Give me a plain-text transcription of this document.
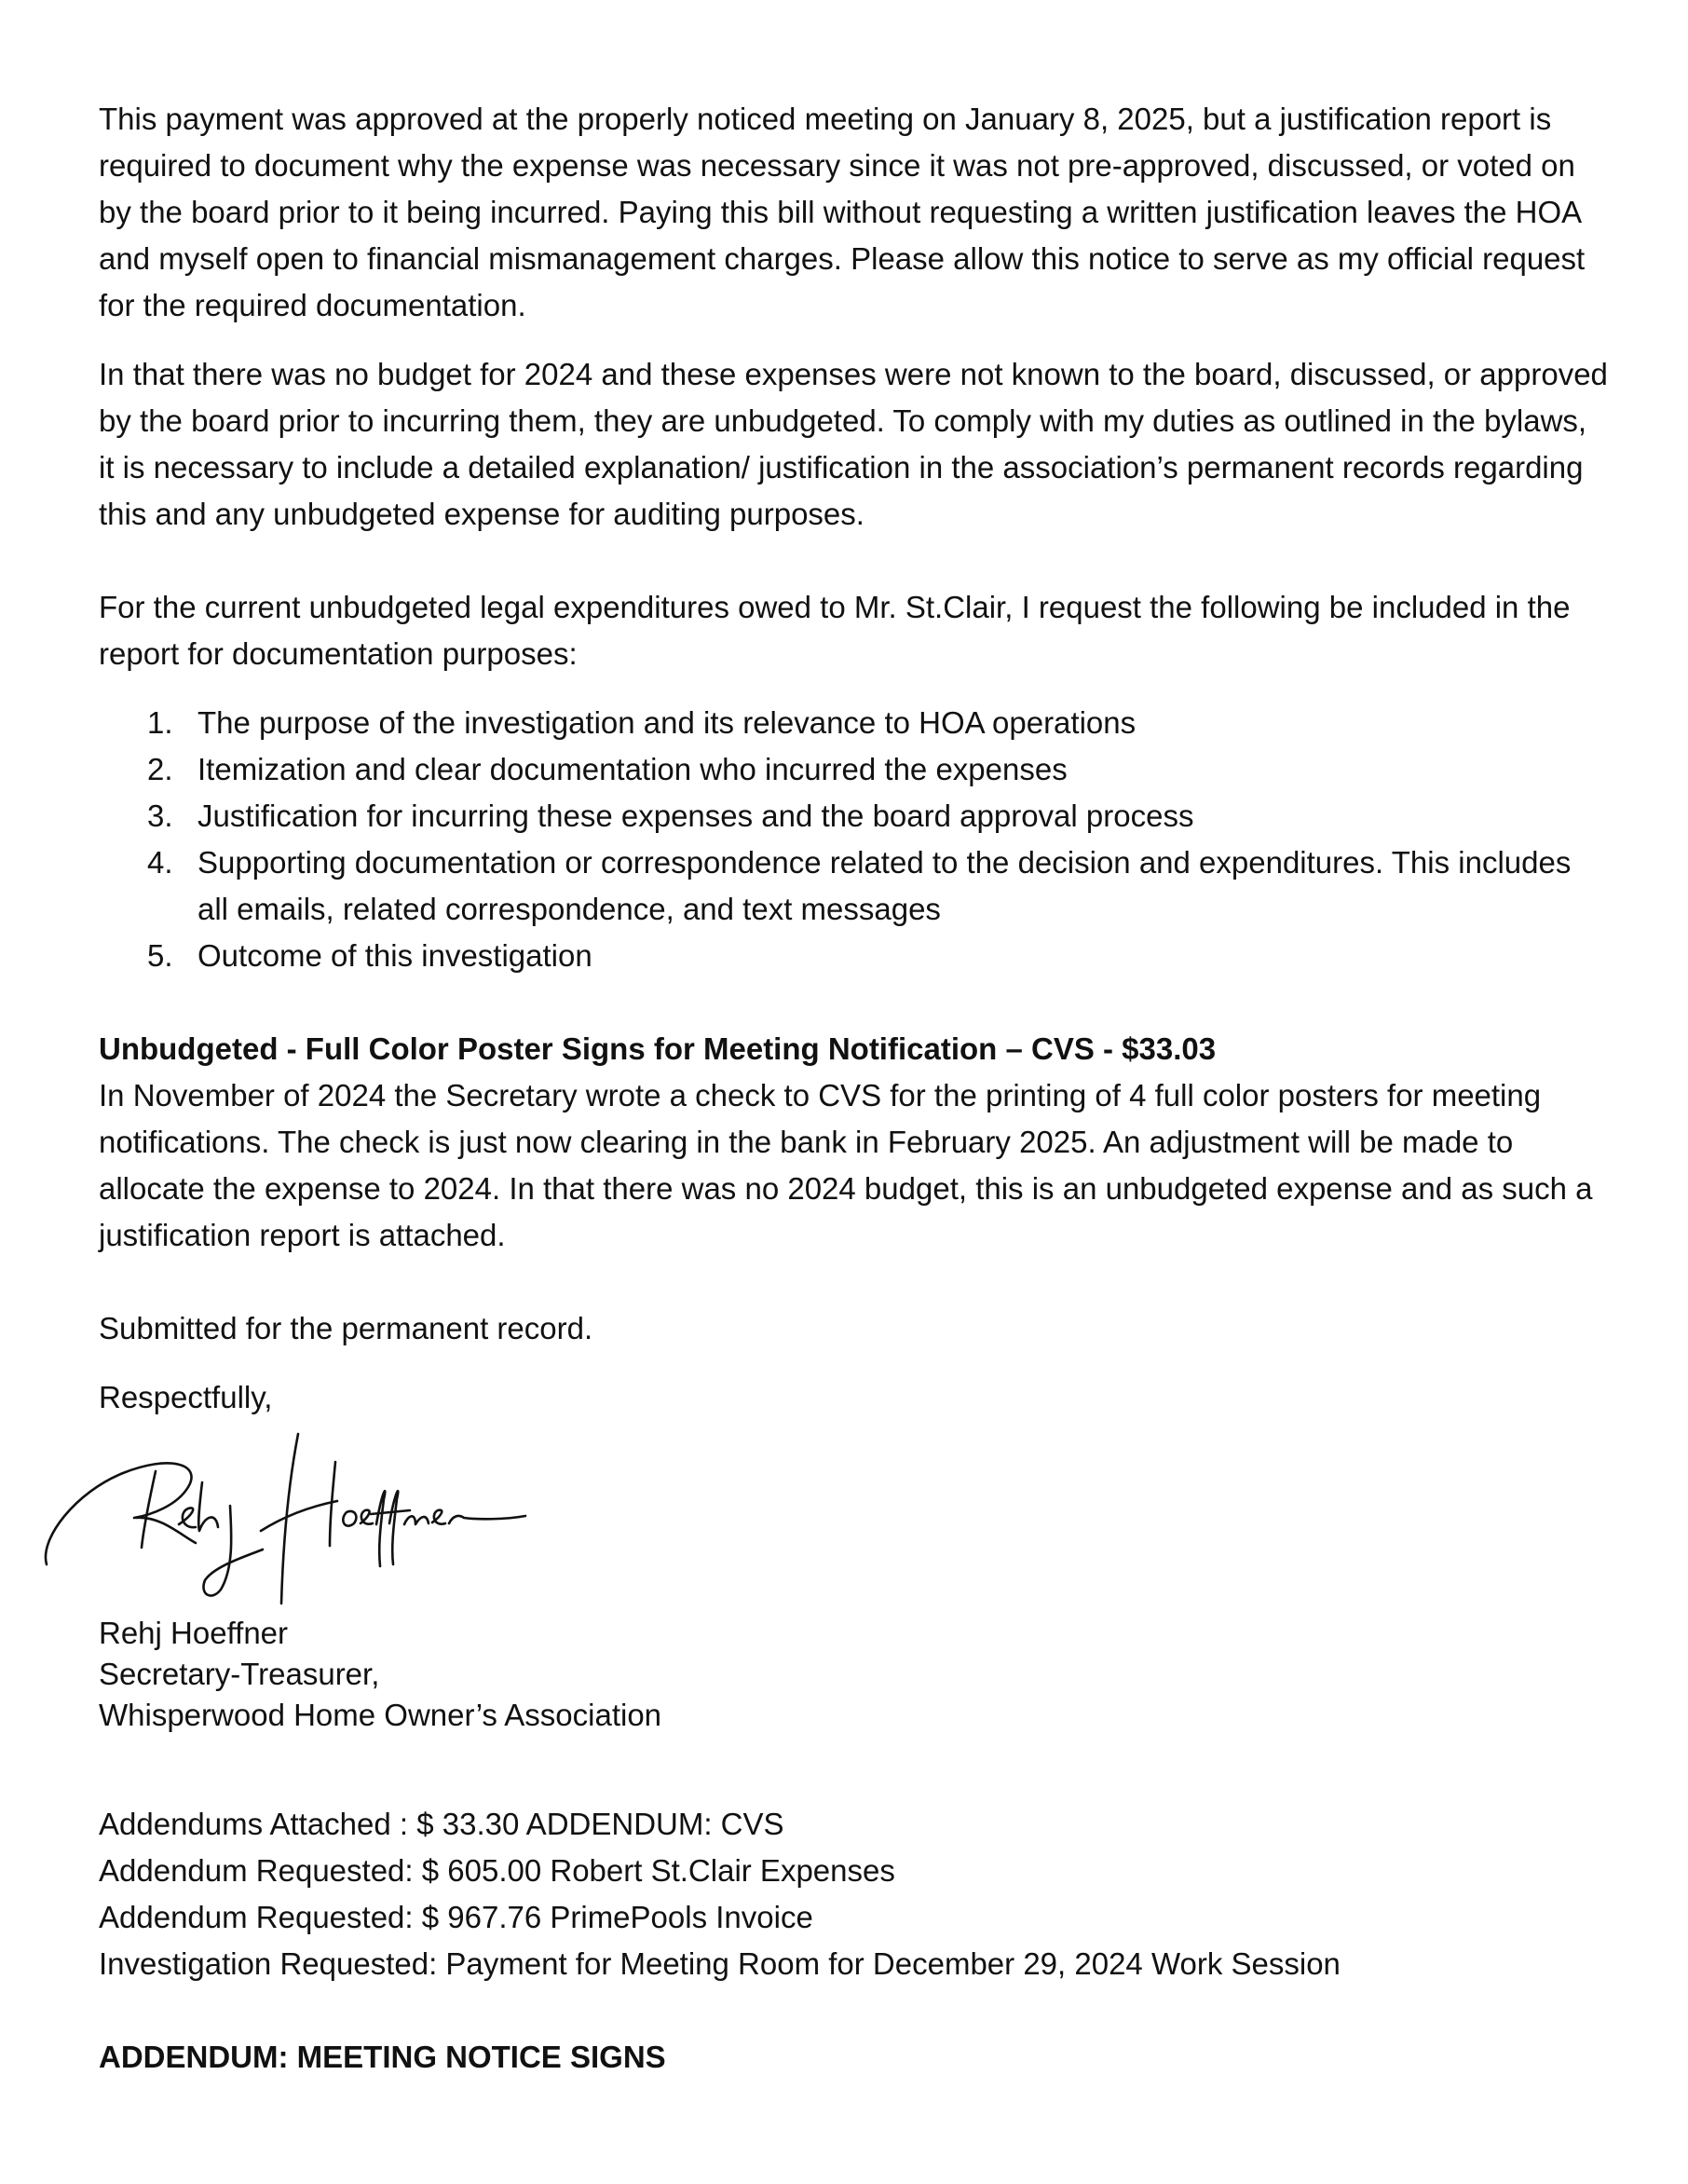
This payment was approved at the properly noticed meeting on January 8, 2025, but a justification report is required to document why the expense was necessary since it was not pre-approved, discussed, or voted on by the board prior to it being incurred. Paying this bill without requesting a written justification leaves the HOA and myself open to financial mismanagement charges. Please allow this notice to serve as my official request for the required documentation.

In that there was no budget for 2024 and these expenses were not known to the board, discussed, or approved by the board prior to incurring them, they are unbudgeted. To comply with my duties as outlined in the bylaws, it is necessary to include a detailed explanation/ justification in the association’s permanent records regarding this and any unbudgeted expense for auditing purposes.

For the current unbudgeted legal expenditures owed to Mr. St.Clair, I request the following be included in the report for documentation purposes:

1. The purpose of the investigation and its relevance to HOA operations
2. Itemization and clear documentation who incurred the expenses
3. Justification for incurring these expenses and the board approval process
4. Supporting documentation or correspondence related to the decision and expenditures. This includes all emails, related correspondence, and text messages
5. Outcome of this investigation

Unbudgeted - Full Color Poster Signs for Meeting Notification – CVS - $33.03

In November of 2024 the Secretary wrote a check to CVS for the printing of 4 full color posters for meeting notifications. The check is just now clearing in the bank in February 2025. An adjustment will be made to allocate the expense to 2024. In that there was no 2024 budget, this is an unbudgeted expense and as such a justification report is attached.

Submitted for the permanent record.

Respectfully,

Rehj Hoeffner

Secretary-Treasurer,

Whisperwood Home Owner’s Association

Addendums Attached : $ 33.30 ADDENDUM: CVS

Addendum Requested: $ 605.00 Robert St.Clair Expenses

Addendum Requested: $ 967.76 PrimePools Invoice

Investigation Requested: Payment for Meeting Room for December 29, 2024 Work Session

ADDENDUM: MEETING NOTICE SIGNS
